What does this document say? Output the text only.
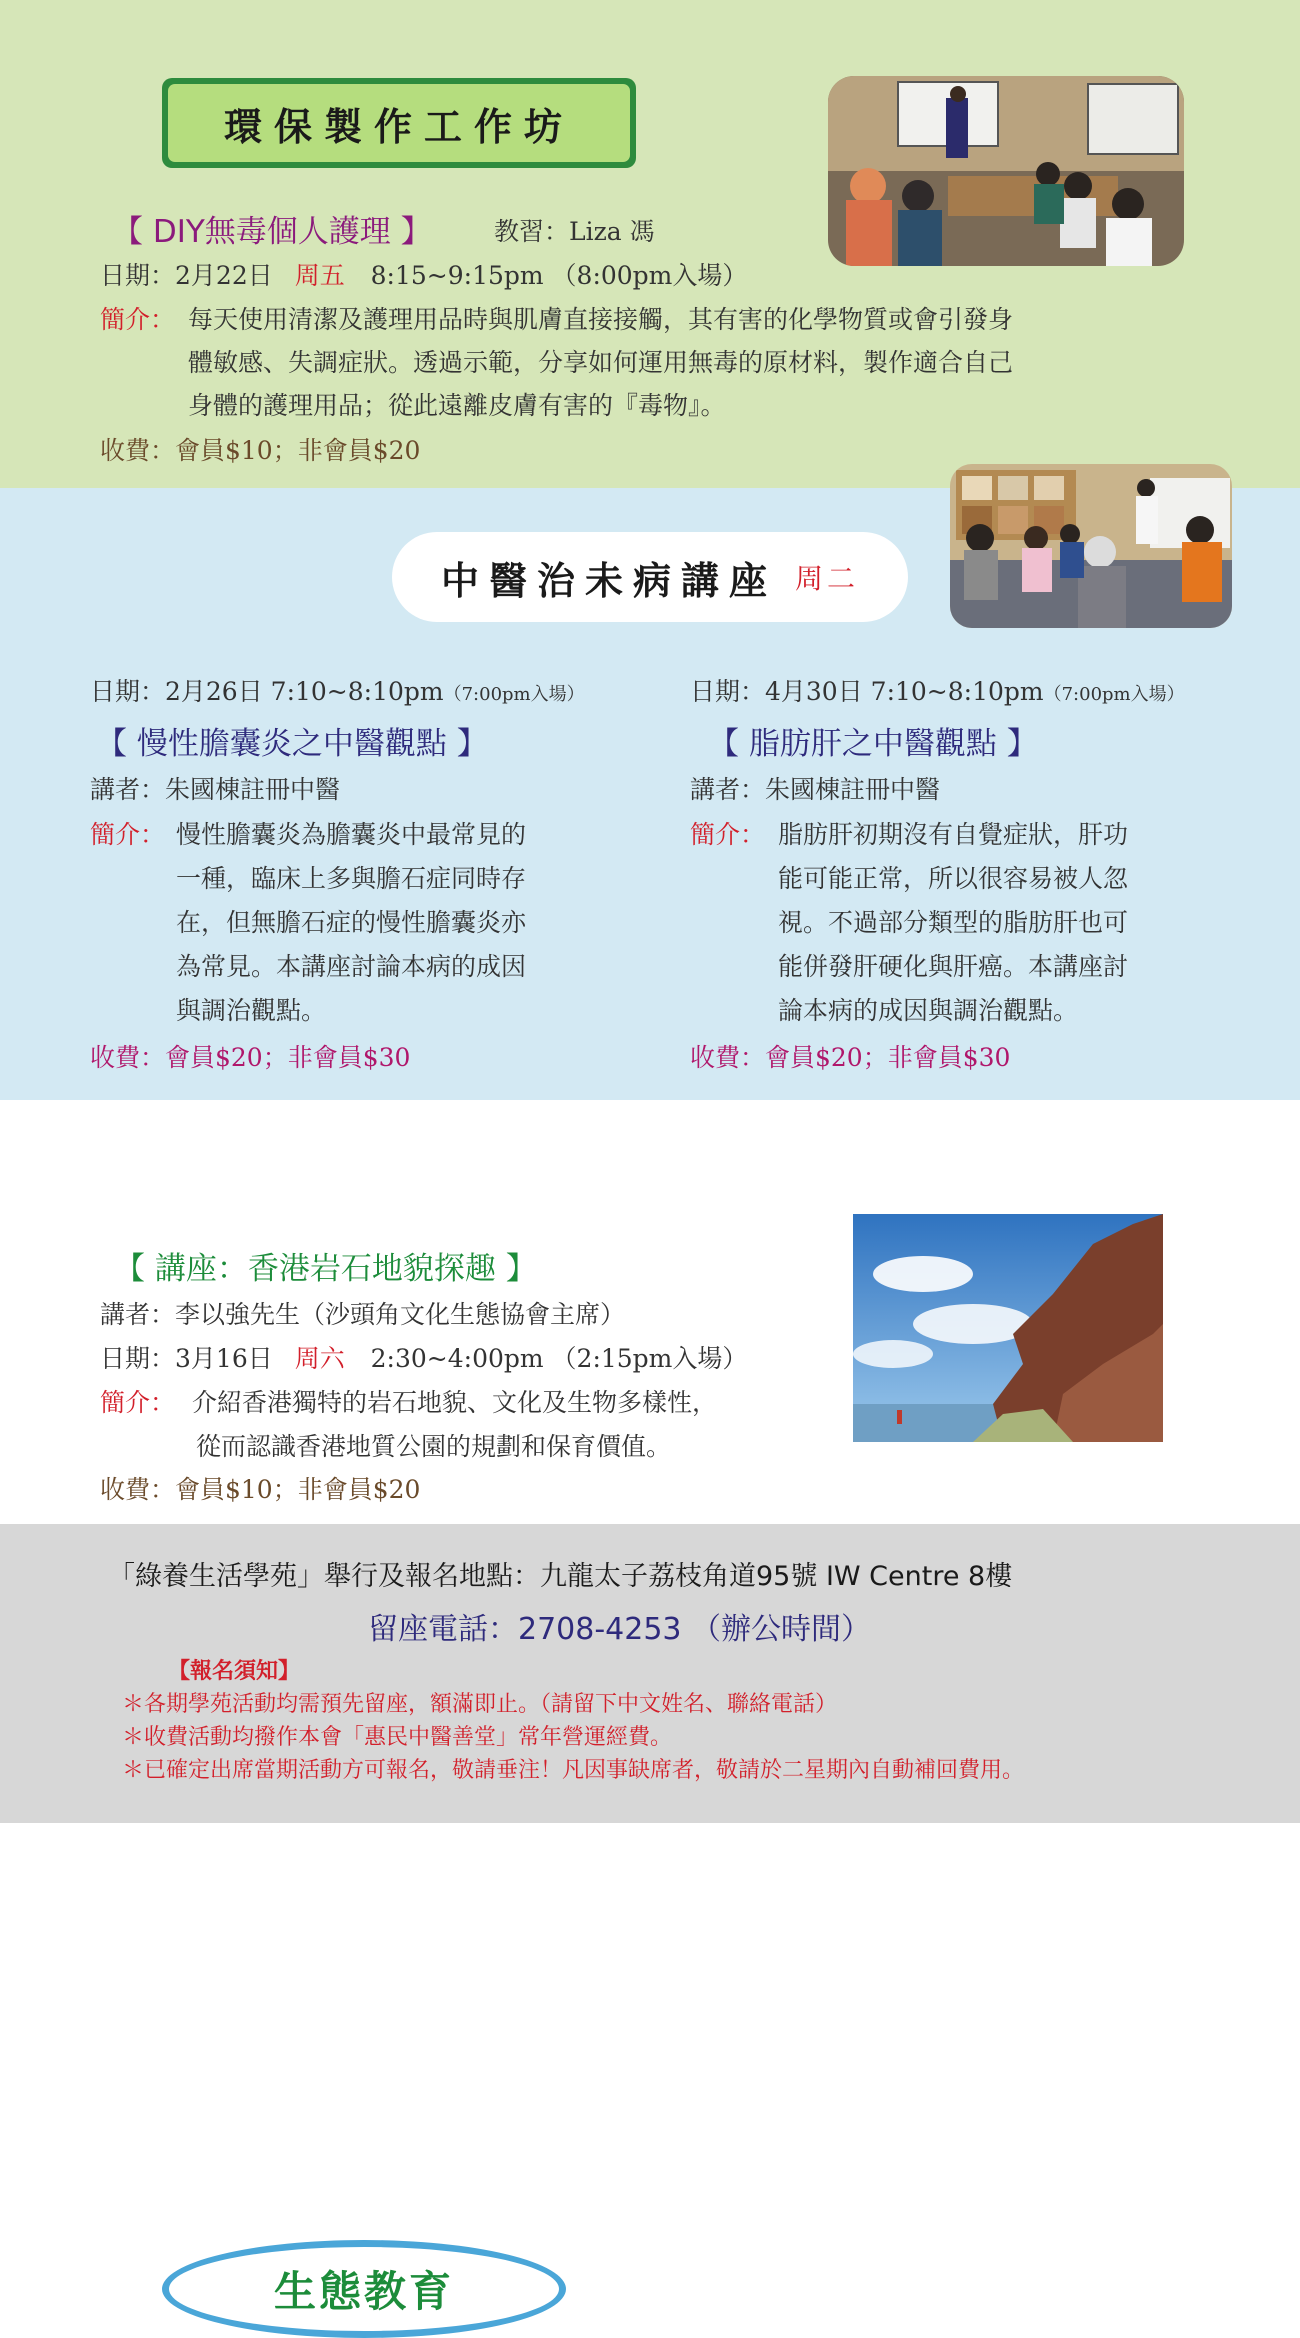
環保製作工作坊
【 DIY無毒個人護理 】 教習：Liza 馮
日期：2月22日 周五 8:15~9:15pm （8:00pm入場）
簡介： 每天使用清潔及護理用品時與肌膚直接接觸，其有害的化學物質或會引發身
體敏感、失調症狀。透過示範，分享如何運用無毒的原材料，製作適合自己
身體的護理用品；從此遠離皮膚有害的『毒物』。
收費：會員$10；非會員$20
中醫治未病講座 周二
日期：2月26日 7:10~8:10pm（7:00pm入場）
【 慢性膽囊炎之中醫觀點 】
講者：朱國棟註冊中醫
簡介： 慢性膽囊炎為膽囊炎中最常見的
一種，臨床上多與膽石症同時存
在，但無膽石症的慢性膽囊炎亦
為常見。本講座討論本病的成因
與調治觀點。
收費：會員$20；非會員$30
日期：4月30日 7:10~8:10pm（7:00pm入場）
【 脂肪肝之中醫觀點 】
講者：朱國棟註冊中醫
簡介： 脂肪肝初期沒有自覺症狀，肝功
能可能正常，所以很容易被人忽
視。不過部分類型的脂肪肝也可
能併發肝硬化與肝癌。本講座討
論本病的成因與調治觀點。
收費：會員$20；非會員$30
生態教育
【 講座：香港岩石地貌探趣 】
講者：李以強先生（沙頭角文化生態協會主席）
日期：3月16日 周六 2:30~4:00pm （2:15pm入場）
簡介： 介紹香港獨特的岩石地貌、文化及生物多樣性，
從而認識香港地質公園的規劃和保育價值。
收費：會員$10；非會員$20
「綠養生活學苑」舉行及報名地點：九龍太子荔枝角道95號 IW Centre 8樓
留座電話：2708-4253 （辦公時間）
【報名須知】
＊各期學苑活動均需預先留座，額滿即止。（請留下中文姓名、聯絡電話）
＊收費活動均撥作本會「惠民中醫善堂」常年營運經費。
＊已確定出席當期活動方可報名，敬請垂注！凡因事缺席者，敬請於二星期內自動補回費用。
